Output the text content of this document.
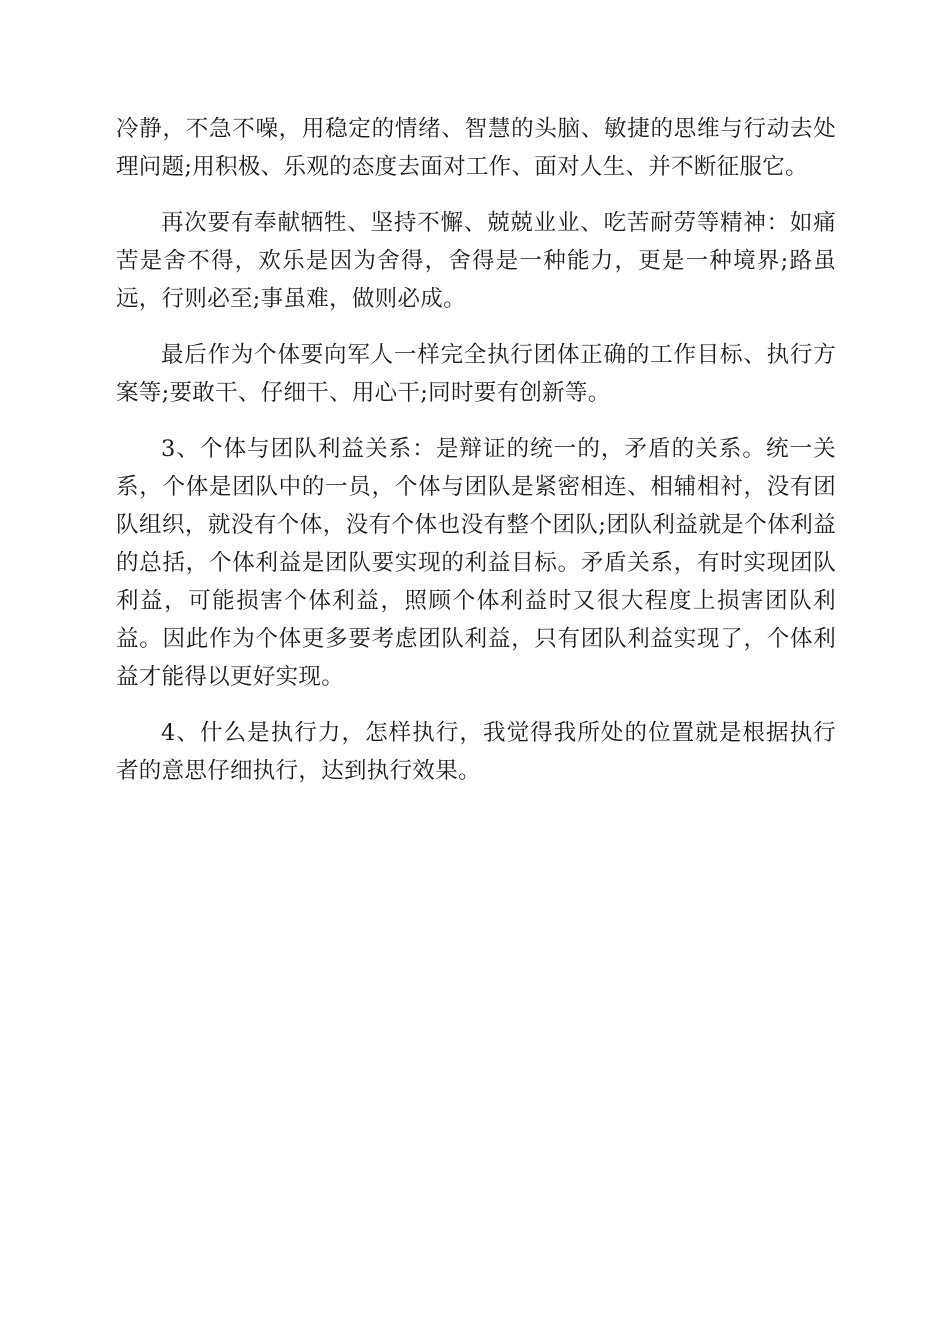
冷静，不急不噪，用稳定的情绪、智慧的头脑、敏捷的思维与行动去处理问题;用积极、乐观的态度去面对工作、面对人生、并不断征服它。

再次要有奉献牺牲、坚持不懈、兢兢业业、吃苦耐劳等精神：如痛苦是舍不得，欢乐是因为舍得，舍得是一种能力，更是一种境界;路虽远，行则必至;事虽难，做则必成。

最后作为个体要向军人一样完全执行团体正确的工作目标、执行方案等;要敢干、仔细干、用心干;同时要有创新等。

3、个体与团队利益关系：是辩证的统一的，矛盾的关系。统一关系，个体是团队中的一员，个体与团队是紧密相连、相辅相衬，没有团队组织，就没有个体，没有个体也没有整个团队;团队利益就是个体利益的总括，个体利益是团队要实现的利益目标。矛盾关系，有时实现团队利益，可能损害个体利益，照顾个体利益时又很大程度上损害团队利益。因此作为个体更多要考虑团队利益，只有团队利益实现了，个体利益才能得以更好实现。

4、什么是执行力，怎样执行，我觉得我所处的位置就是根据执行者的意思仔细执行，达到执行效果。
